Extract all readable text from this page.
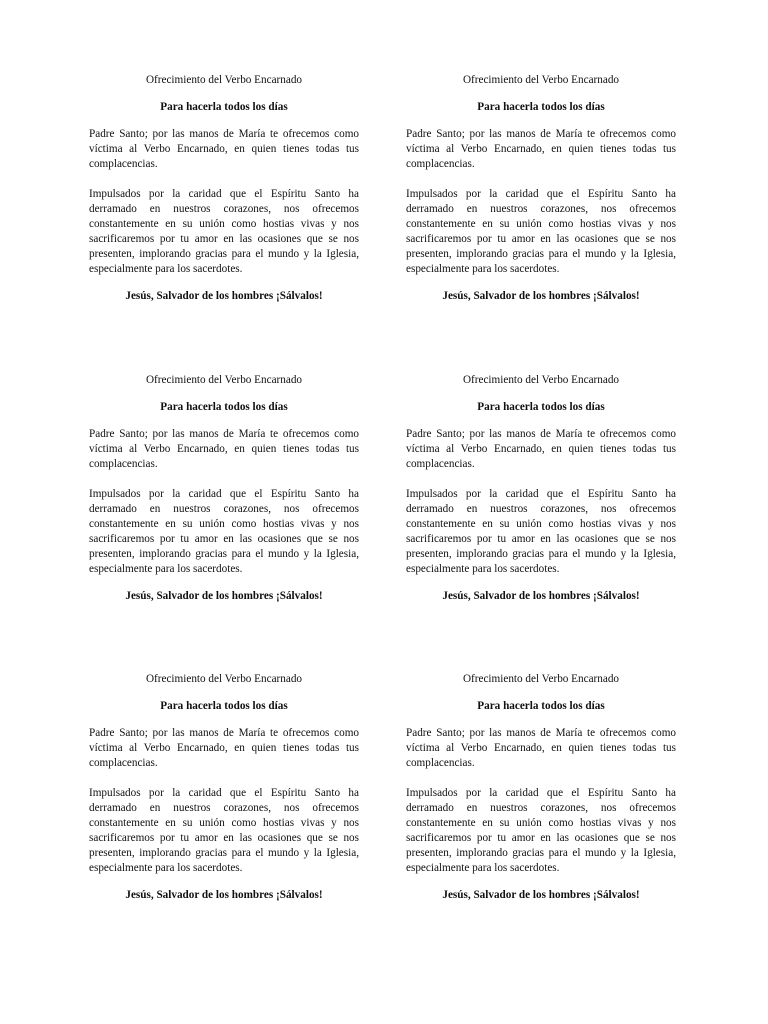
Ofrecimiento del Verbo Encarnado

Para hacerla todos los días

Padre Santo; por las manos de María te ofrecemos como víctima al Verbo Encarnado, en quien tienes todas tus complacencias.

Impulsados por la caridad que el Espíritu Santo ha derramado en nuestros corazones, nos ofrecemos constantemente en su unión como hostias vivas y nos sacrificaremos por tu amor en las ocasiones que se nos presenten, implorando gracias para el mundo y la Iglesia, especialmente para los sacerdotes.

Jesús, Salvador de los hombres ¡Sálvalos!

Ofrecimiento del Verbo Encarnado

Para hacerla todos los días

Padre Santo; por las manos de María te ofrecemos como víctima al Verbo Encarnado, en quien tienes todas tus complacencias.

Impulsados por la caridad que el Espíritu Santo ha derramado en nuestros corazones, nos ofrecemos constantemente en su unión como hostias vivas y nos sacrificaremos por tu amor en las ocasiones que se nos presenten, implorando gracias para el mundo y la Iglesia, especialmente para los sacerdotes.

Jesús, Salvador de los hombres ¡Sálvalos!

Ofrecimiento del Verbo Encarnado

Para hacerla todos los días

Padre Santo; por las manos de María te ofrecemos como víctima al Verbo Encarnado, en quien tienes todas tus complacencias.

Impulsados por la caridad que el Espíritu Santo ha derramado en nuestros corazones, nos ofrecemos constantemente en su unión como hostias vivas y nos sacrificaremos por tu amor en las ocasiones que se nos presenten, implorando gracias para el mundo y la Iglesia, especialmente para los sacerdotes.

Jesús, Salvador de los hombres ¡Sálvalos!

Ofrecimiento del Verbo Encarnado

Para hacerla todos los días

Padre Santo; por las manos de María te ofrecemos como víctima al Verbo Encarnado, en quien tienes todas tus complacencias.

Impulsados por la caridad que el Espíritu Santo ha derramado en nuestros corazones, nos ofrecemos constantemente en su unión como hostias vivas y nos sacrificaremos por tu amor en las ocasiones que se nos presenten, implorando gracias para el mundo y la Iglesia, especialmente para los sacerdotes.

Jesús, Salvador de los hombres ¡Sálvalos!

Ofrecimiento del Verbo Encarnado

Para hacerla todos los días

Padre Santo; por las manos de María te ofrecemos como víctima al Verbo Encarnado, en quien tienes todas tus complacencias.

Impulsados por la caridad que el Espíritu Santo ha derramado en nuestros corazones, nos ofrecemos constantemente en su unión como hostias vivas y nos sacrificaremos por tu amor en las ocasiones que se nos presenten, implorando gracias para el mundo y la Iglesia, especialmente para los sacerdotes.

Jesús, Salvador de los hombres ¡Sálvalos!

Ofrecimiento del Verbo Encarnado

Para hacerla todos los días

Padre Santo; por las manos de María te ofrecemos como víctima al Verbo Encarnado, en quien tienes todas tus complacencias.

Impulsados por la caridad que el Espíritu Santo ha derramado en nuestros corazones, nos ofrecemos constantemente en su unión como hostias vivas y nos sacrificaremos por tu amor en las ocasiones que se nos presenten, implorando gracias para el mundo y la Iglesia, especialmente para los sacerdotes.

Jesús, Salvador de los hombres ¡Sálvalos!
